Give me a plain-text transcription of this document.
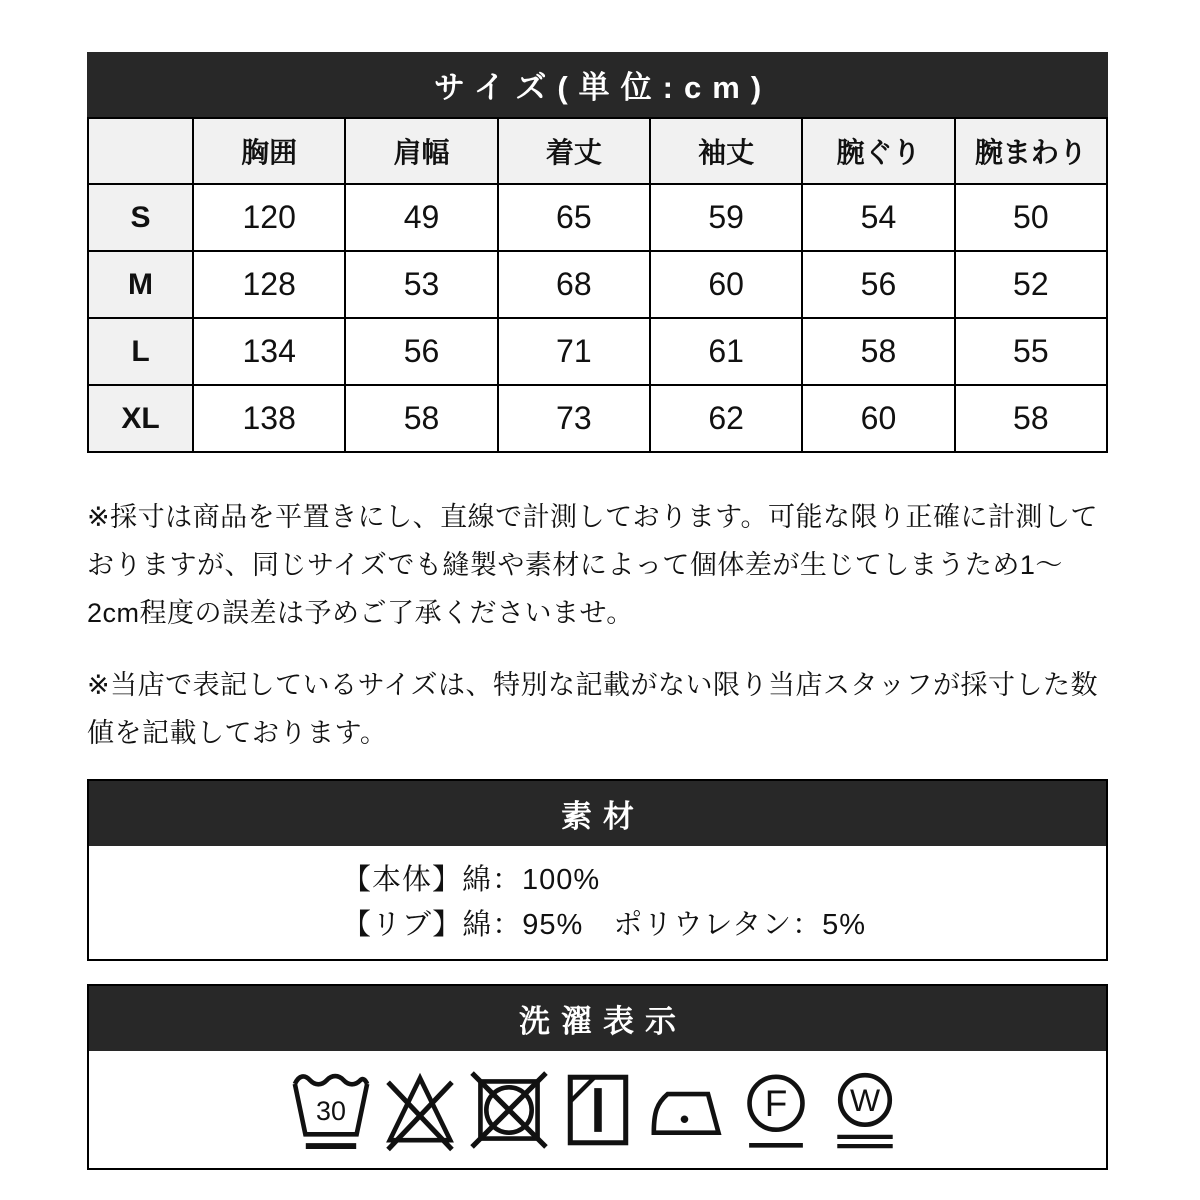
サイズ(単位:cm)
	胸囲	肩幅	着丈	袖丈	腕ぐり	腕まわり
S	120	49	65	59	54	50
M	128	53	68	60	56	52
L	134	56	71	61	58	55
XL	138	58	73	62	60	58

※採寸は商品を平置きにし、直線で計測しております。可能な限り正確に計測しておりますが、同じサイズでも縫製や素材によって個体差が生じてしまうため1〜2cm程度の誤差は予めご了承くださいませ。

※当店で表記しているサイズは、特別な記載がない限り当店スタッフが採寸した数値を記載しております。

素材
【本体】綿：100%
【リブ】綿：95%　ポリウレタン：5%
洗濯表示
30	F W
